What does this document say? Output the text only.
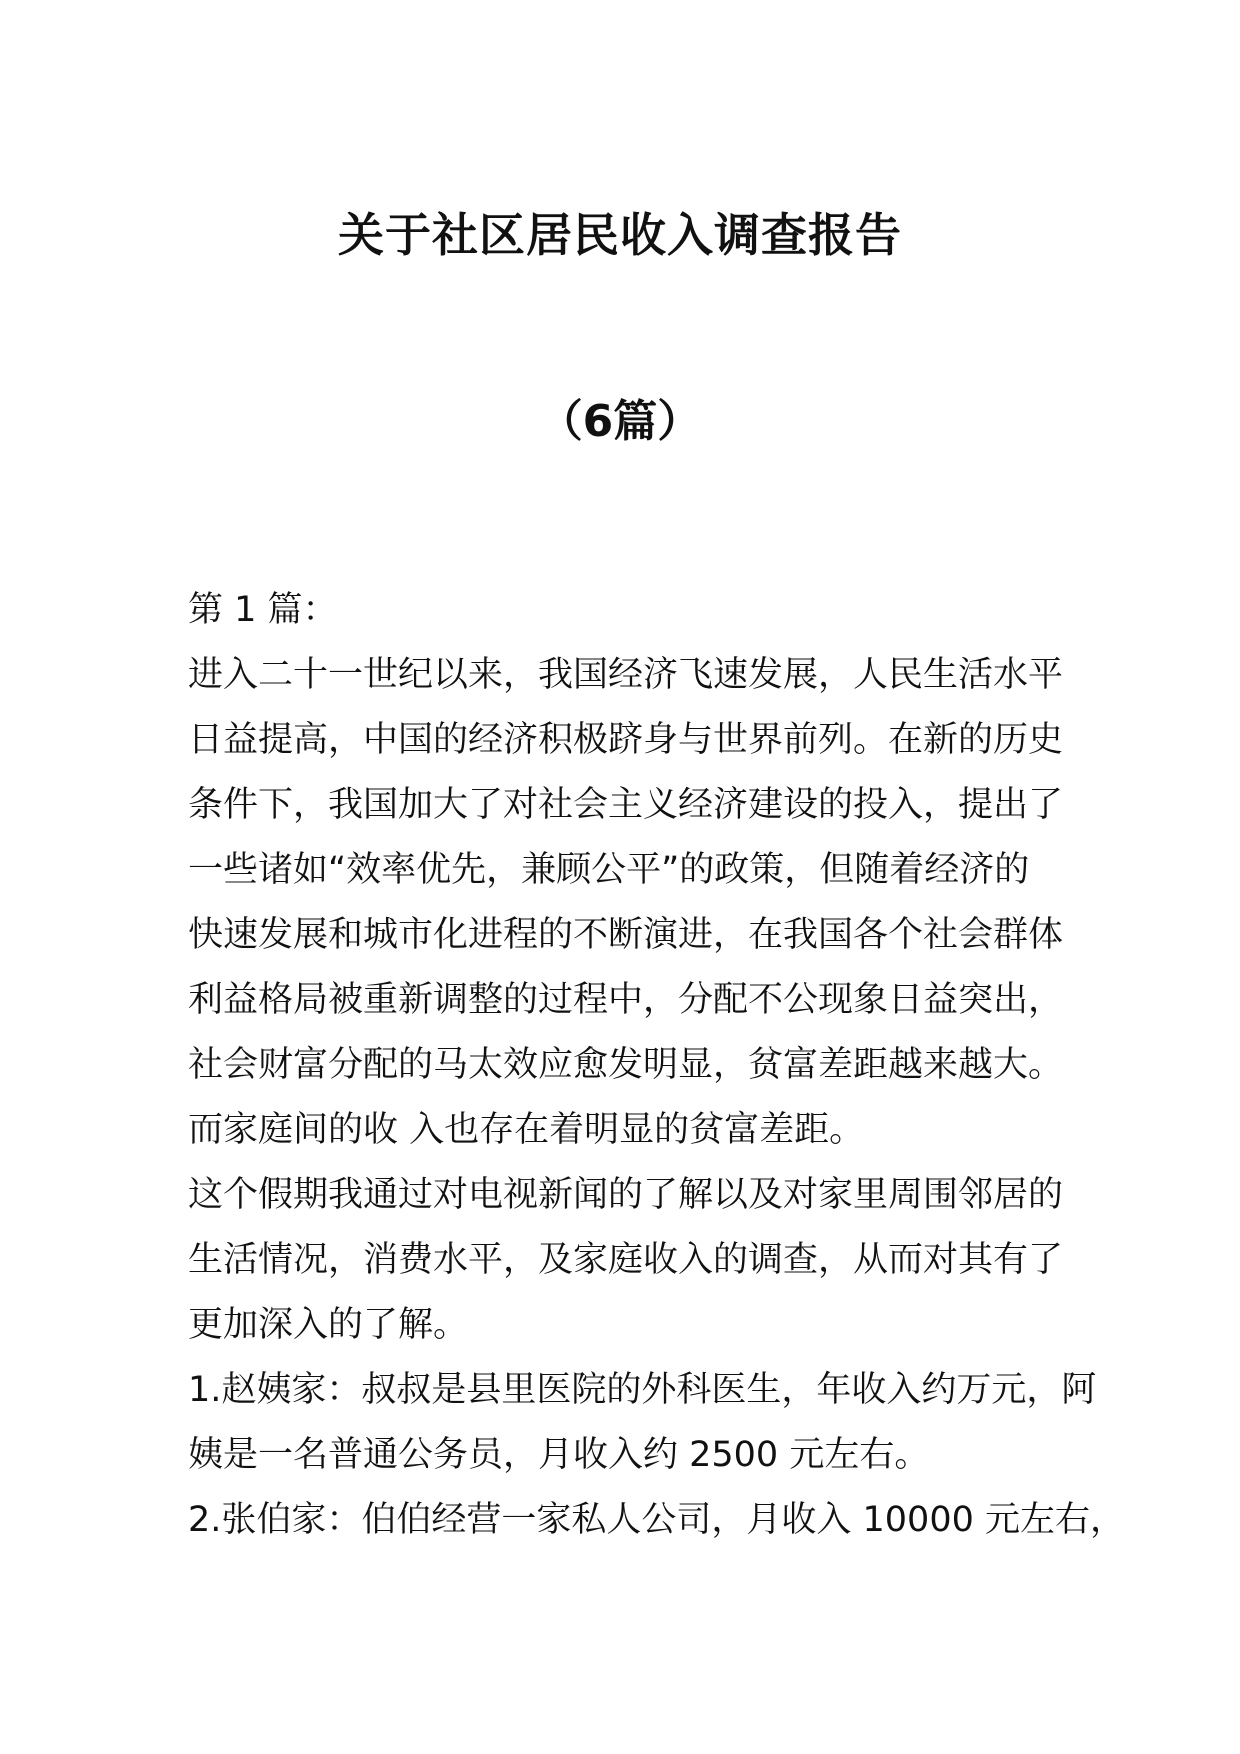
关于社区居民收入调查报告
（6篇）
第 1 篇：
进入二十一世纪以来，我国经济飞速发展，人民生活水平
日益提高，中国的经济积极跻身与世界前列。在新的历史
条件下，我国加大了对社会主义经济建设的投入，提出了
一些诸如“效率优先，兼顾公平”的政策，但随着经济的
快速发展和城市化进程的不断演进，在我国各个社会群体
利益格局被重新调整的过程中，分配不公现象日益突出，
社会财富分配的马太效应愈发明显，贫富差距越来越大。
而家庭间的收 入也存在着明显的贫富差距。
这个假期我通过对电视新闻的了解以及对家里周围邻居的
生活情况，消费水平，及家庭收入的调查，从而对其有了
更加深入的了解。
1.赵姨家：叔叔是县里医院的外科医生，年收入约万元，阿
姨是一名普通公务员，月收入约 2500 元左右。
2.张伯家：伯伯经营一家私人公司，月收入 10000 元左右，
